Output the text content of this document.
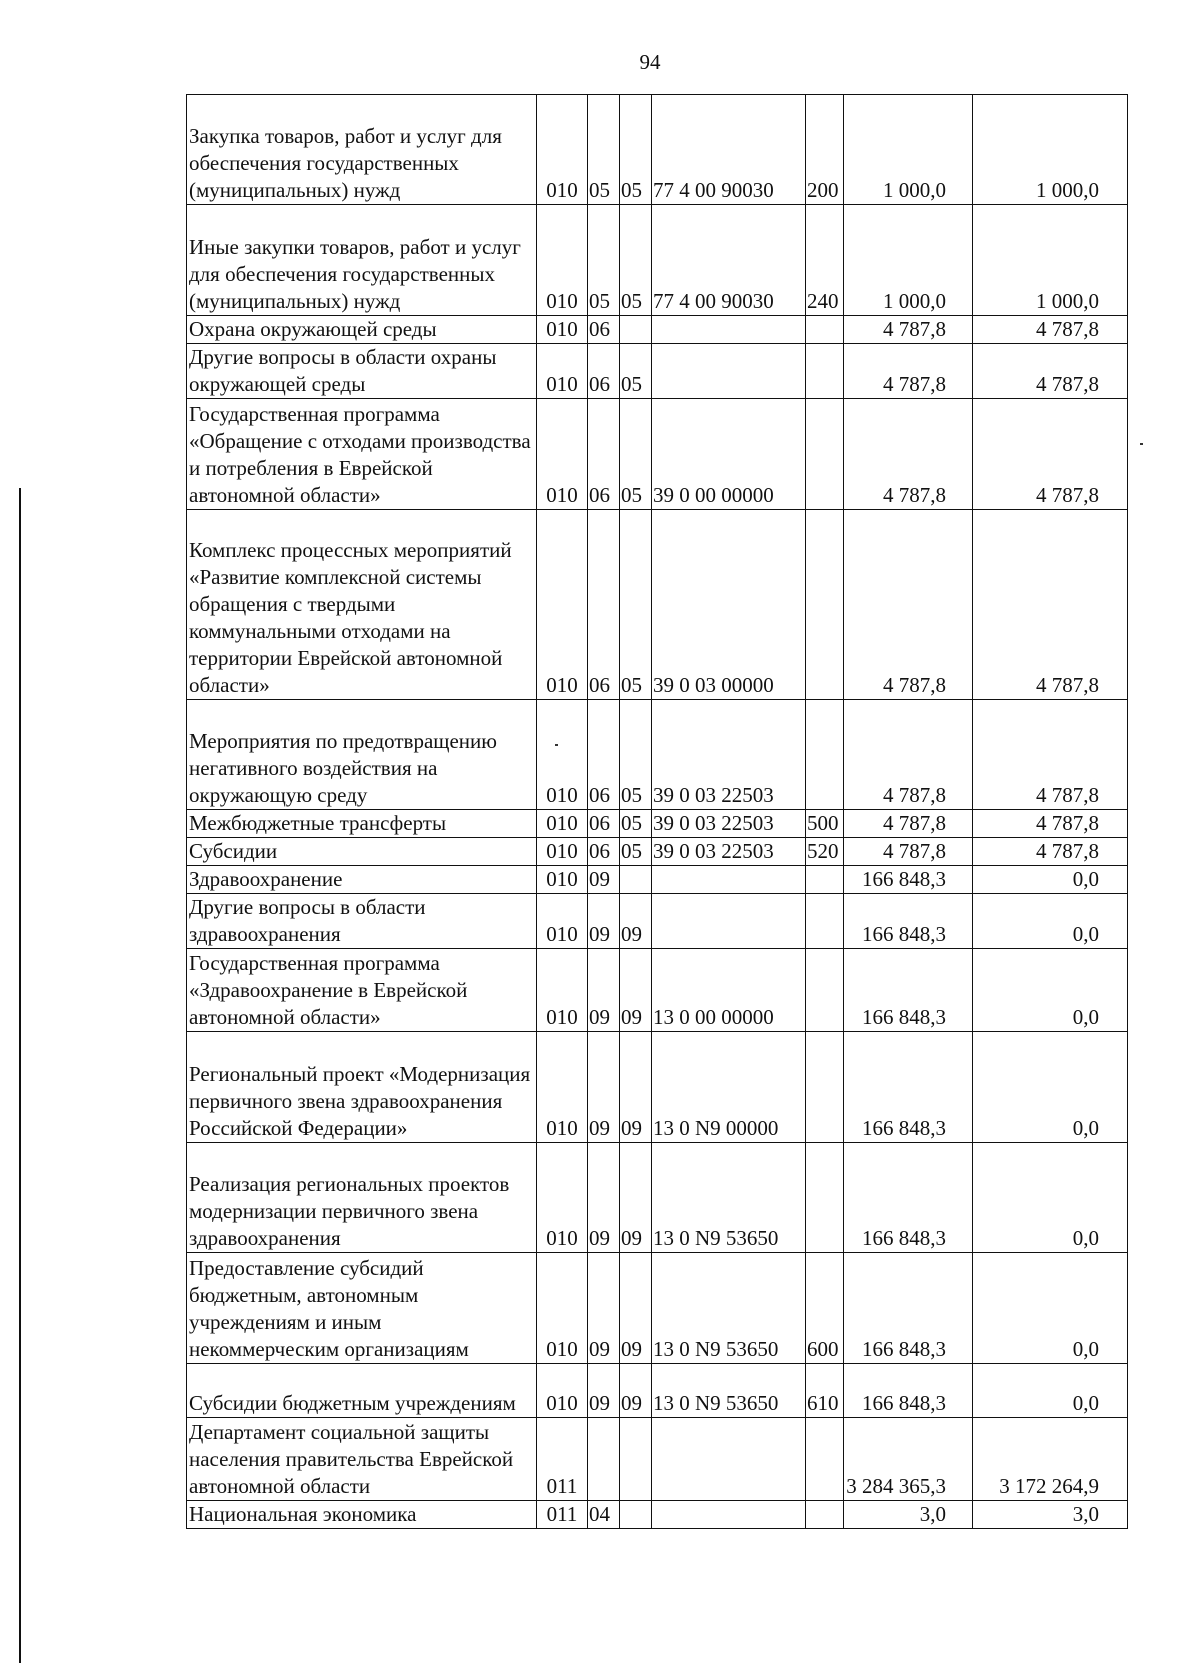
94
Закупка товаров, работ и услуг для обеспечения государственных (муниципальных) нужд	010	05	05	77 4 00 90030	200	1 000,0	1 000,0
Иные закупки товаров, работ и услуг для обеспечения государственных (муниципальных) нужд	010	05	05	77 4 00 90030	240	1 000,0	1 000,0
Охрана окружающей среды	010	06				4 787,8	4 787,8
Другие вопросы в области охраны окружающей среды	010	06	05			4 787,8	4 787,8
Государственная программа «Обращение с отходами производства и потребления в Еврейской автономной области»	010	06	05	39 0 00 00000		4 787,8	4 787,8
Комплекс процессных мероприятий «Развитие комплексной системы обращения с твердыми коммунальными отходами на территории Еврейской автономной области»	010	06	05	39 0 03 00000		4 787,8	4 787,8
Мероприятия по предотвращению негативного воздействия на окружающую среду	010	06	05	39 0 03 22503		4 787,8	4 787,8
Межбюджетные трансферты	010	06	05	39 0 03 22503	500	4 787,8	4 787,8
Субсидии	010	06	05	39 0 03 22503	520	4 787,8	4 787,8
Здравоохранение	010	09				166 848,3	0,0
Другие вопросы в области здравоохранения	010	09	09			166 848,3	0,0
Государственная программа «Здравоохранение в Еврейской автономной области»	010	09	09	13 0 00 00000		166 848,3	0,0
Региональный проект «Модернизация первичного звена здравоохранения Российской Федерации»	010	09	09	13 0 N9 00000		166 848,3	0,0
Реализация региональных проектов модернизации первичного звена здравоохранения	010	09	09	13 0 N9 53650		166 848,3	0,0
Предоставление субсидий бюджетным, автономным учреждениям и иным некоммерческим организациям	010	09	09	13 0 N9 53650	600	166 848,3	0,0
Субсидии бюджетным учреждениям	010	09	09	13 0 N9 53650	610	166 848,3	0,0
Департамент социальной защиты населения правительства Еврейской автономной области	011					3 284 365,3	3 172 264,9
Национальная экономика	011	04				3,0	3,0
